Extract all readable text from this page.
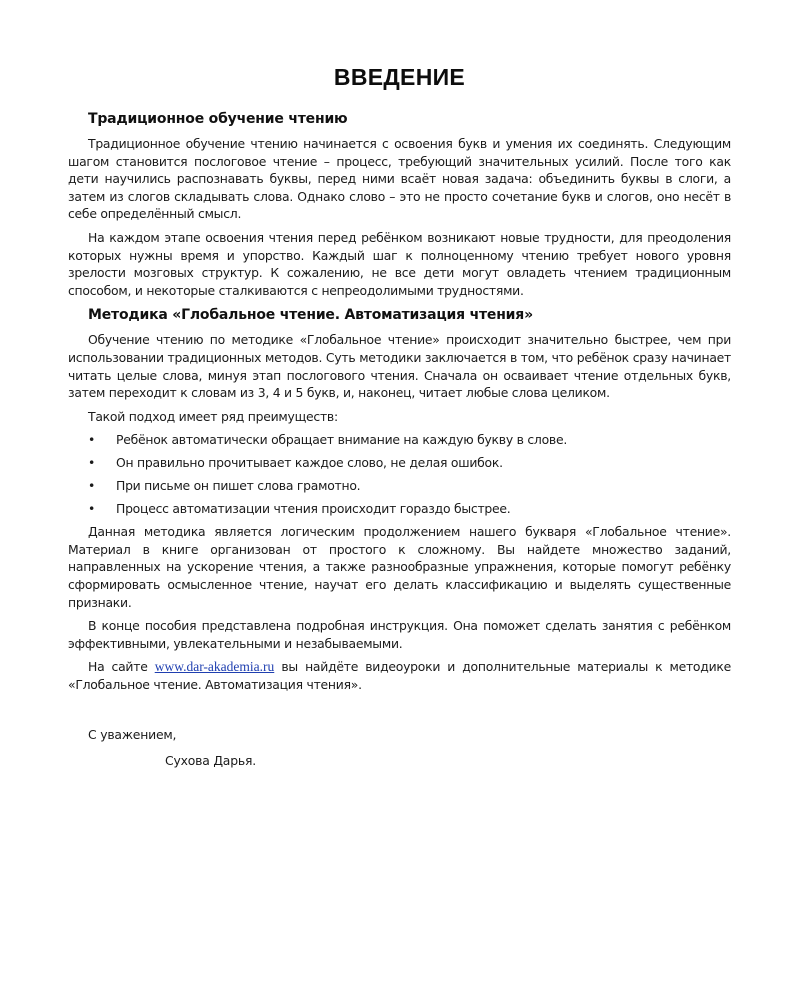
ВВЕДЕНИЕ
Традиционное обучение чтению

Традиционное обучение чтению начинается с освоения букв и умения их соединять. Следующим шагом становится послоговое чтение – процесс, требующий значительных усилий. После того как дети научились распознавать буквы, перед ними всаёт новая задача: объединить буквы в слоги, а затем из слогов складывать слова. Однако слово – это не просто сочетание букв и слогов, оно несёт в себе определённый смысл.

На каждом этапе освоения чтения перед ребёнком возникают новые трудности, для преодоления которых нужны время и упорство. Каждый шаг к полноценному чтению требует нового уровня зрелости мозговых структур. К сожалению, не все дети могут овладеть чтением традиционным способом, и некоторые сталкиваются с непреодолимыми трудностями.

Методика «Глобальное чтение. Автоматизация чтения»

Обучение чтению по методике «Глобальное чтение» происходит значительно быстрее, чем при использовании традиционных методов. Суть методики заключается в том, что ребёнок сразу начинает читать целые слова, минуя этап послогового чтения. Сначала он осваивает чтение отдельных букв, затем переходит к словам из 3, 4 и 5 букв, и, наконец, читает любые слова целиком.

Такой подход имеет ряд преимуществ:

• Ребёнок автоматически обращает внимание на каждую букву в слове.
• Он правильно прочитывает каждое слово, не делая ошибок.
• При письме он пишет слова грамотно.
• Процесс автоматизации чтения происходит гораздо быстрее.

Данная методика является логическим продолжением нашего букваря «Глобальное чтение». Материал в книге организован от простого к сложному. Вы найдете множество заданий, направленных на ускорение чтения, а также разнообразные упражнения, которые помогут ребёнку сформировать осмысленное чтение, научат его делать классификацию и выделять существенные признаки.

В конце пособия представлена подробная инструкция. Она поможет сделать занятия с ребёнком эффективными, увлекательными и незабываемыми.

На сайте www.dar-akademia.ru вы найдёте видеоуроки и дополнительные материалы к методике «Глобальное чтение. Автоматизация чтения».

С уважением,
Сухова Дарья.
